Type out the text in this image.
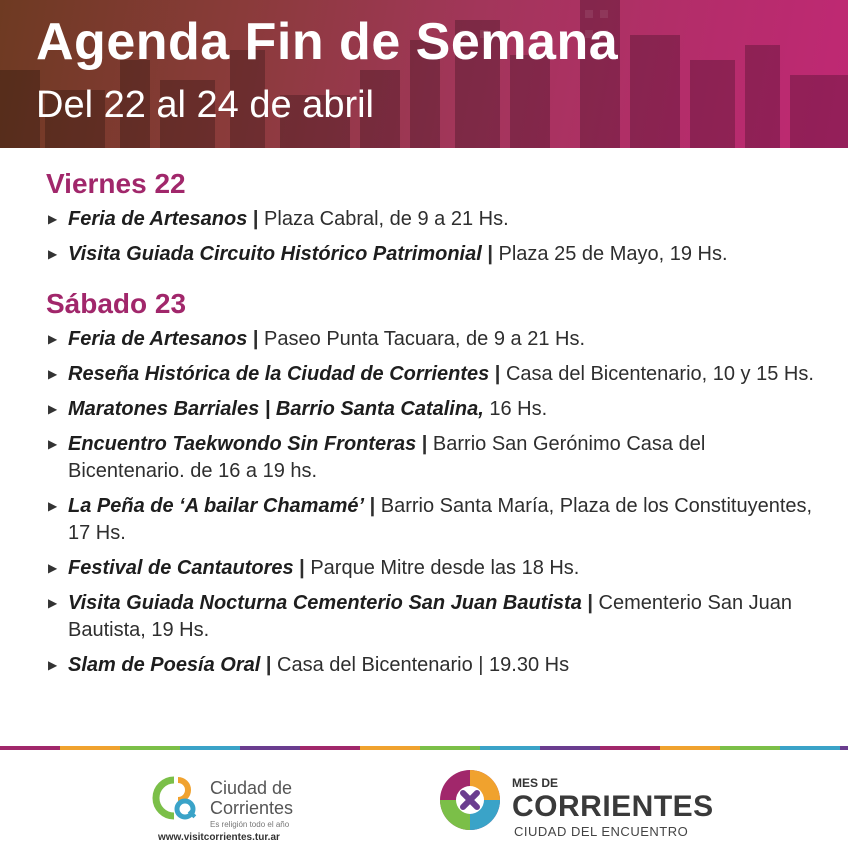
Agenda Fin de Semana
Del 22 al 24 de abril
Viernes 22
▶ Feria de Artesanos | Plaza Cabral, de 9 a 21 Hs.
▶ Visita Guiada Circuito Histórico Patrimonial | Plaza 25 de Mayo, 19 Hs.
Sábado 23
▶ Feria de Artesanos | Paseo Punta Tacuara, de 9 a 21 Hs.
▶ Reseña Histórica de la Ciudad de Corrientes | Casa del Bicentenario, 10 y 15 Hs.
▶ Maratones Barriales | Barrio Santa Catalina, 16 Hs.
▶ Encuentro Taekwondo Sin Fronteras | Barrio San Gerónimo Casa del Bicentenario. de 16 a 19 hs.
▶ La Peña de ‘A bailar Chamamé’ | Barrio Santa María, Plaza de los Constituyentes, 17 Hs.
▶ Festival de Cantautores | Parque Mitre desde las 18 Hs.
▶ Visita Guiada Nocturna Cementerio San Juan Bautista | Cementerio San Juan Bautista, 19 Hs.
▶ Slam de Poesía Oral | Casa del Bicentenario | 19.30 Hs
Ciudad de
Corrientes
Es religión todo el año
www.visitcorrientes.tur.ar
MES DE
CORRIENTES
CIUDAD DEL ENCUENTRO
